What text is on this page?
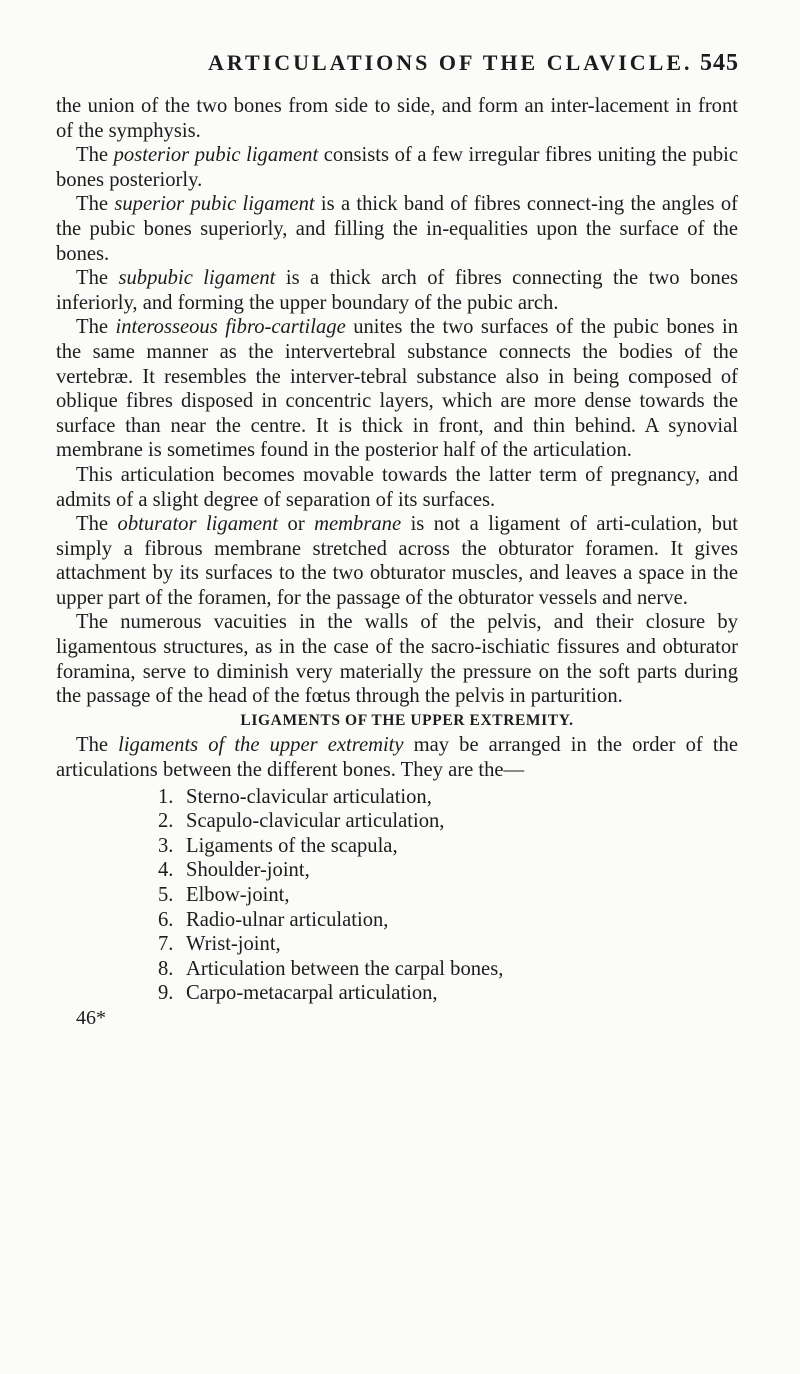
ARTICULATIONS OF THE CLAVICLE. 545

the union of the two bones from side to side, and form an inter-lacement in front of the symphysis.

The posterior pubic ligament consists of a few irregular fibres uniting the pubic bones posteriorly.

The superior pubic ligament is a thick band of fibres connect-ing the angles of the pubic bones superiorly, and filling the in-equalities upon the surface of the bones.

The subpubic ligament is a thick arch of fibres connecting the two bones inferiorly, and forming the upper boundary of the pubic arch.

The interosseous fibro-cartilage unites the two surfaces of the pubic bones in the same manner as the intervertebral substance connects the bodies of the vertebræ. It resembles the interver-tebral substance also in being composed of oblique fibres disposed in concentric layers, which are more dense towards the surface than near the centre. It is thick in front, and thin behind. A synovial membrane is sometimes found in the posterior half of the articulation.

This articulation becomes movable towards the latter term of pregnancy, and admits of a slight degree of separation of its surfaces.

The obturator ligament or membrane is not a ligament of arti-culation, but simply a fibrous membrane stretched across the obturator foramen. It gives attachment by its surfaces to the two obturator muscles, and leaves a space in the upper part of the foramen, for the passage of the obturator vessels and nerve.

The numerous vacuities in the walls of the pelvis, and their closure by ligamentous structures, as in the case of the sacro-ischiatic fissures and obturator foramina, serve to diminish very materially the pressure on the soft parts during the passage of the head of the fœtus through the pelvis in parturition.

LIGAMENTS OF THE UPPER EXTREMITY.

The ligaments of the upper extremity may be arranged in the order of the articulations between the different bones. They are the—

1. Sterno-clavicular articulation,
2. Scapulo-clavicular articulation,
3. Ligaments of the scapula,
4. Shoulder-joint,
5. Elbow-joint,
6. Radio-ulnar articulation,
7. Wrist-joint,
8. Articulation between the carpal bones,
9. Carpo-metacarpal articulation,

46*
